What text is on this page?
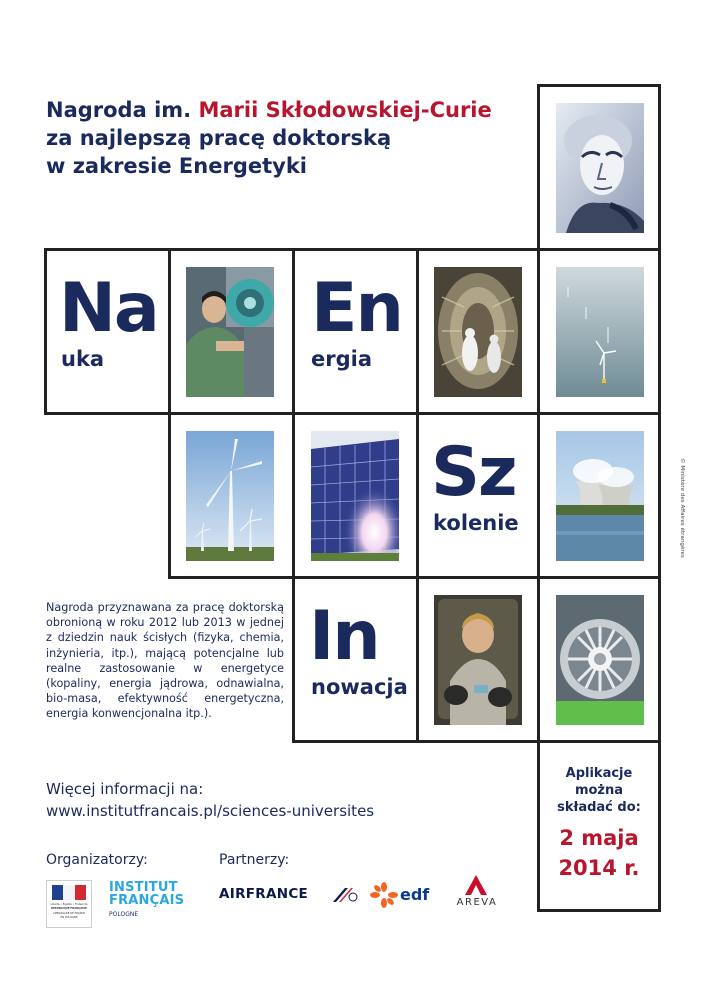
Nagroda im. Marii Skłodowskiej-Curie
za najlepszą pracę doktorską
w zakresie Energetyki
Na
uka
En
ergia
Sz
kolenie
In
nowacja
Aplikacje
można
składać do:
2 maja
2014 r.
© Ministère des Affaires étrangères
Nagroda przyznawana za pracę doktorską obronioną w roku 2012 lub 2013 w jednej z dziedzin nauk ścisłych (fizyka, chemia, inżynieria, itp.), mającą potencjalne lub realne zastosowanie w energetyce (kopaliny, energia jądrowa, odnawialna, bio-masa, efektywność energetyczna, energia konwencjonalna itp.).
Więcej informacji na:
www.institutfrancais.pl/sciences-universites
Organizatorzy:	Partnerzy:
Liberté • Égalité • Fraternité
RÉPUBLIQUE FRANÇAISE
AMBASSADE DE FRANCE
EN POLOGNE
INSTITUT
FRANÇAIS
POLOGNE
AIRFRANCE	edf	AREVA
